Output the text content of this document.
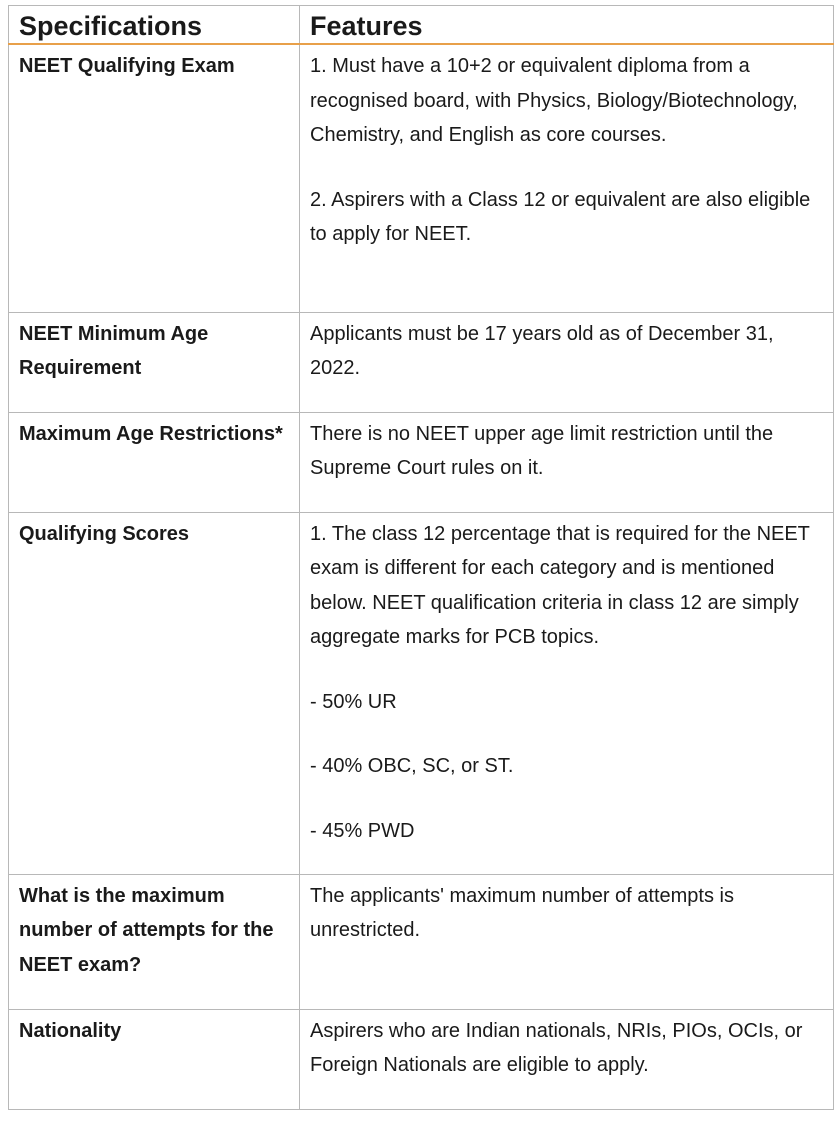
Specifications	Features
NEET Qualifying Exam	1. Must have a 10+2 or equivalent diploma from a recognised board, with Physics, Biology/Biotechnology, Chemistry, and English as core courses.

2. Aspirers with a Class 12 or equivalent are also eligible to apply for NEET.

NEET Minimum Age Requirement	Applicants must be 17 years old as of December 31, 2022.

Maximum Age Restrictions*	There is no NEET upper age limit restriction until the Supreme Court rules on it.

Qualifying Scores	1. The class 12 percentage that is required for the NEET exam is different for each category and is mentioned below. NEET qualification criteria in class 12 are simply aggregate marks for PCB topics.

- 50% UR

- 40% OBC, SC, or ST.

- 45% PWD

What is the maximum number of attempts for the NEET exam?	The applicants' maximum number of attempts is unrestricted.

Nationality	Aspirers who are Indian nationals, NRIs, PIOs, OCIs, or Foreign Nationals are eligible to apply.
